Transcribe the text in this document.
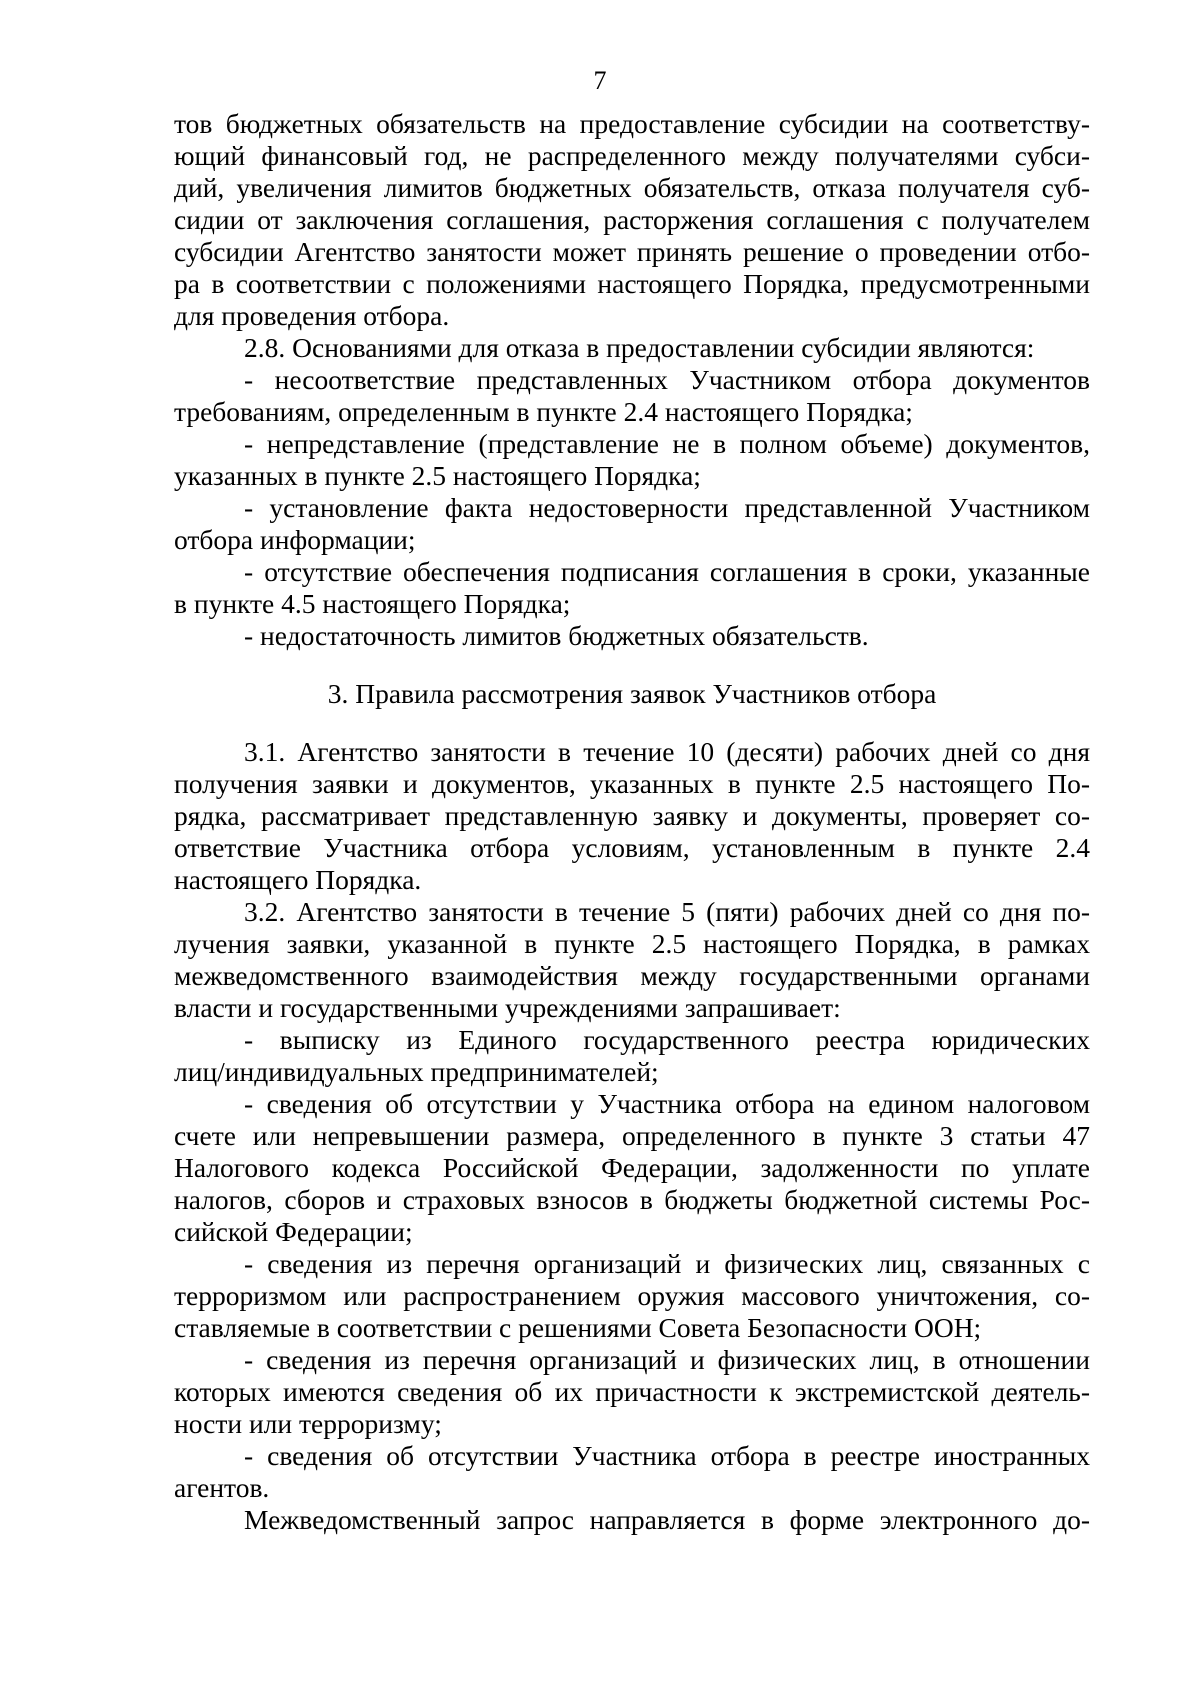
7
тов бюджетных обязательств на предоставление субсидии на соответству-
ющий финансовый год, не распределенного между получателями субси-
дий, увеличения лимитов бюджетных обязательств, отказа получателя суб-
сидии от заключения соглашения, расторжения соглашения с получателем
субсидии Агентство занятости может принять решение о проведении отбо-
ра в соответствии с положениями настоящего Порядка, предусмотренными
для проведения отбора.
2.8. Основаниями для отказа в предоставлении субсидии являются:
- несоответствие представленных Участником отбора документов
требованиям, определенным в пункте 2.4 настоящего Порядка;
- непредставление (представление не в полном объеме) документов,
указанных в пункте 2.5 настоящего Порядка;
- установление факта недостоверности представленной Участником
отбора информации;
- отсутствие обеспечения подписания соглашения в сроки, указанные
в пункте 4.5 настоящего Порядка;
- недостаточность лимитов бюджетных обязательств.
3. Правила рассмотрения заявок Участников отбора
3.1. Агентство занятости в течение 10 (десяти) рабочих дней со дня
получения заявки и документов, указанных в пункте 2.5 настоящего По-
рядка, рассматривает представленную заявку и документы, проверяет со-
ответствие Участника отбора условиям, установленным в пункте 2.4
настоящего Порядка.
3.2. Агентство занятости в течение 5 (пяти) рабочих дней со дня по-
лучения заявки, указанной в пункте 2.5 настоящего Порядка, в рамках
межведомственного взаимодействия между государственными органами
власти и государственными учреждениями запрашивает:
- выписку из Единого государственного реестра юридических
лиц/индивидуальных предпринимателей;
- сведения об отсутствии у Участника отбора на едином налоговом
счете или непревышении размера, определенного в пункте 3 статьи 47
Налогового кодекса Российской Федерации, задолженности по уплате
налогов, сборов и страховых взносов в бюджеты бюджетной системы Рос-
сийской Федерации;
- сведения из перечня организаций и физических лиц, связанных с
терроризмом или распространением оружия массового уничтожения, со-
ставляемые в соответствии с решениями Совета Безопасности ООН;
- сведения из перечня организаций и физических лиц, в отношении
которых имеются сведения об их причастности к экстремистской деятель-
ности или терроризму;
- сведения об отсутствии Участника отбора в реестре иностранных
агентов.
Межведомственный запрос направляется в форме электронного до-
